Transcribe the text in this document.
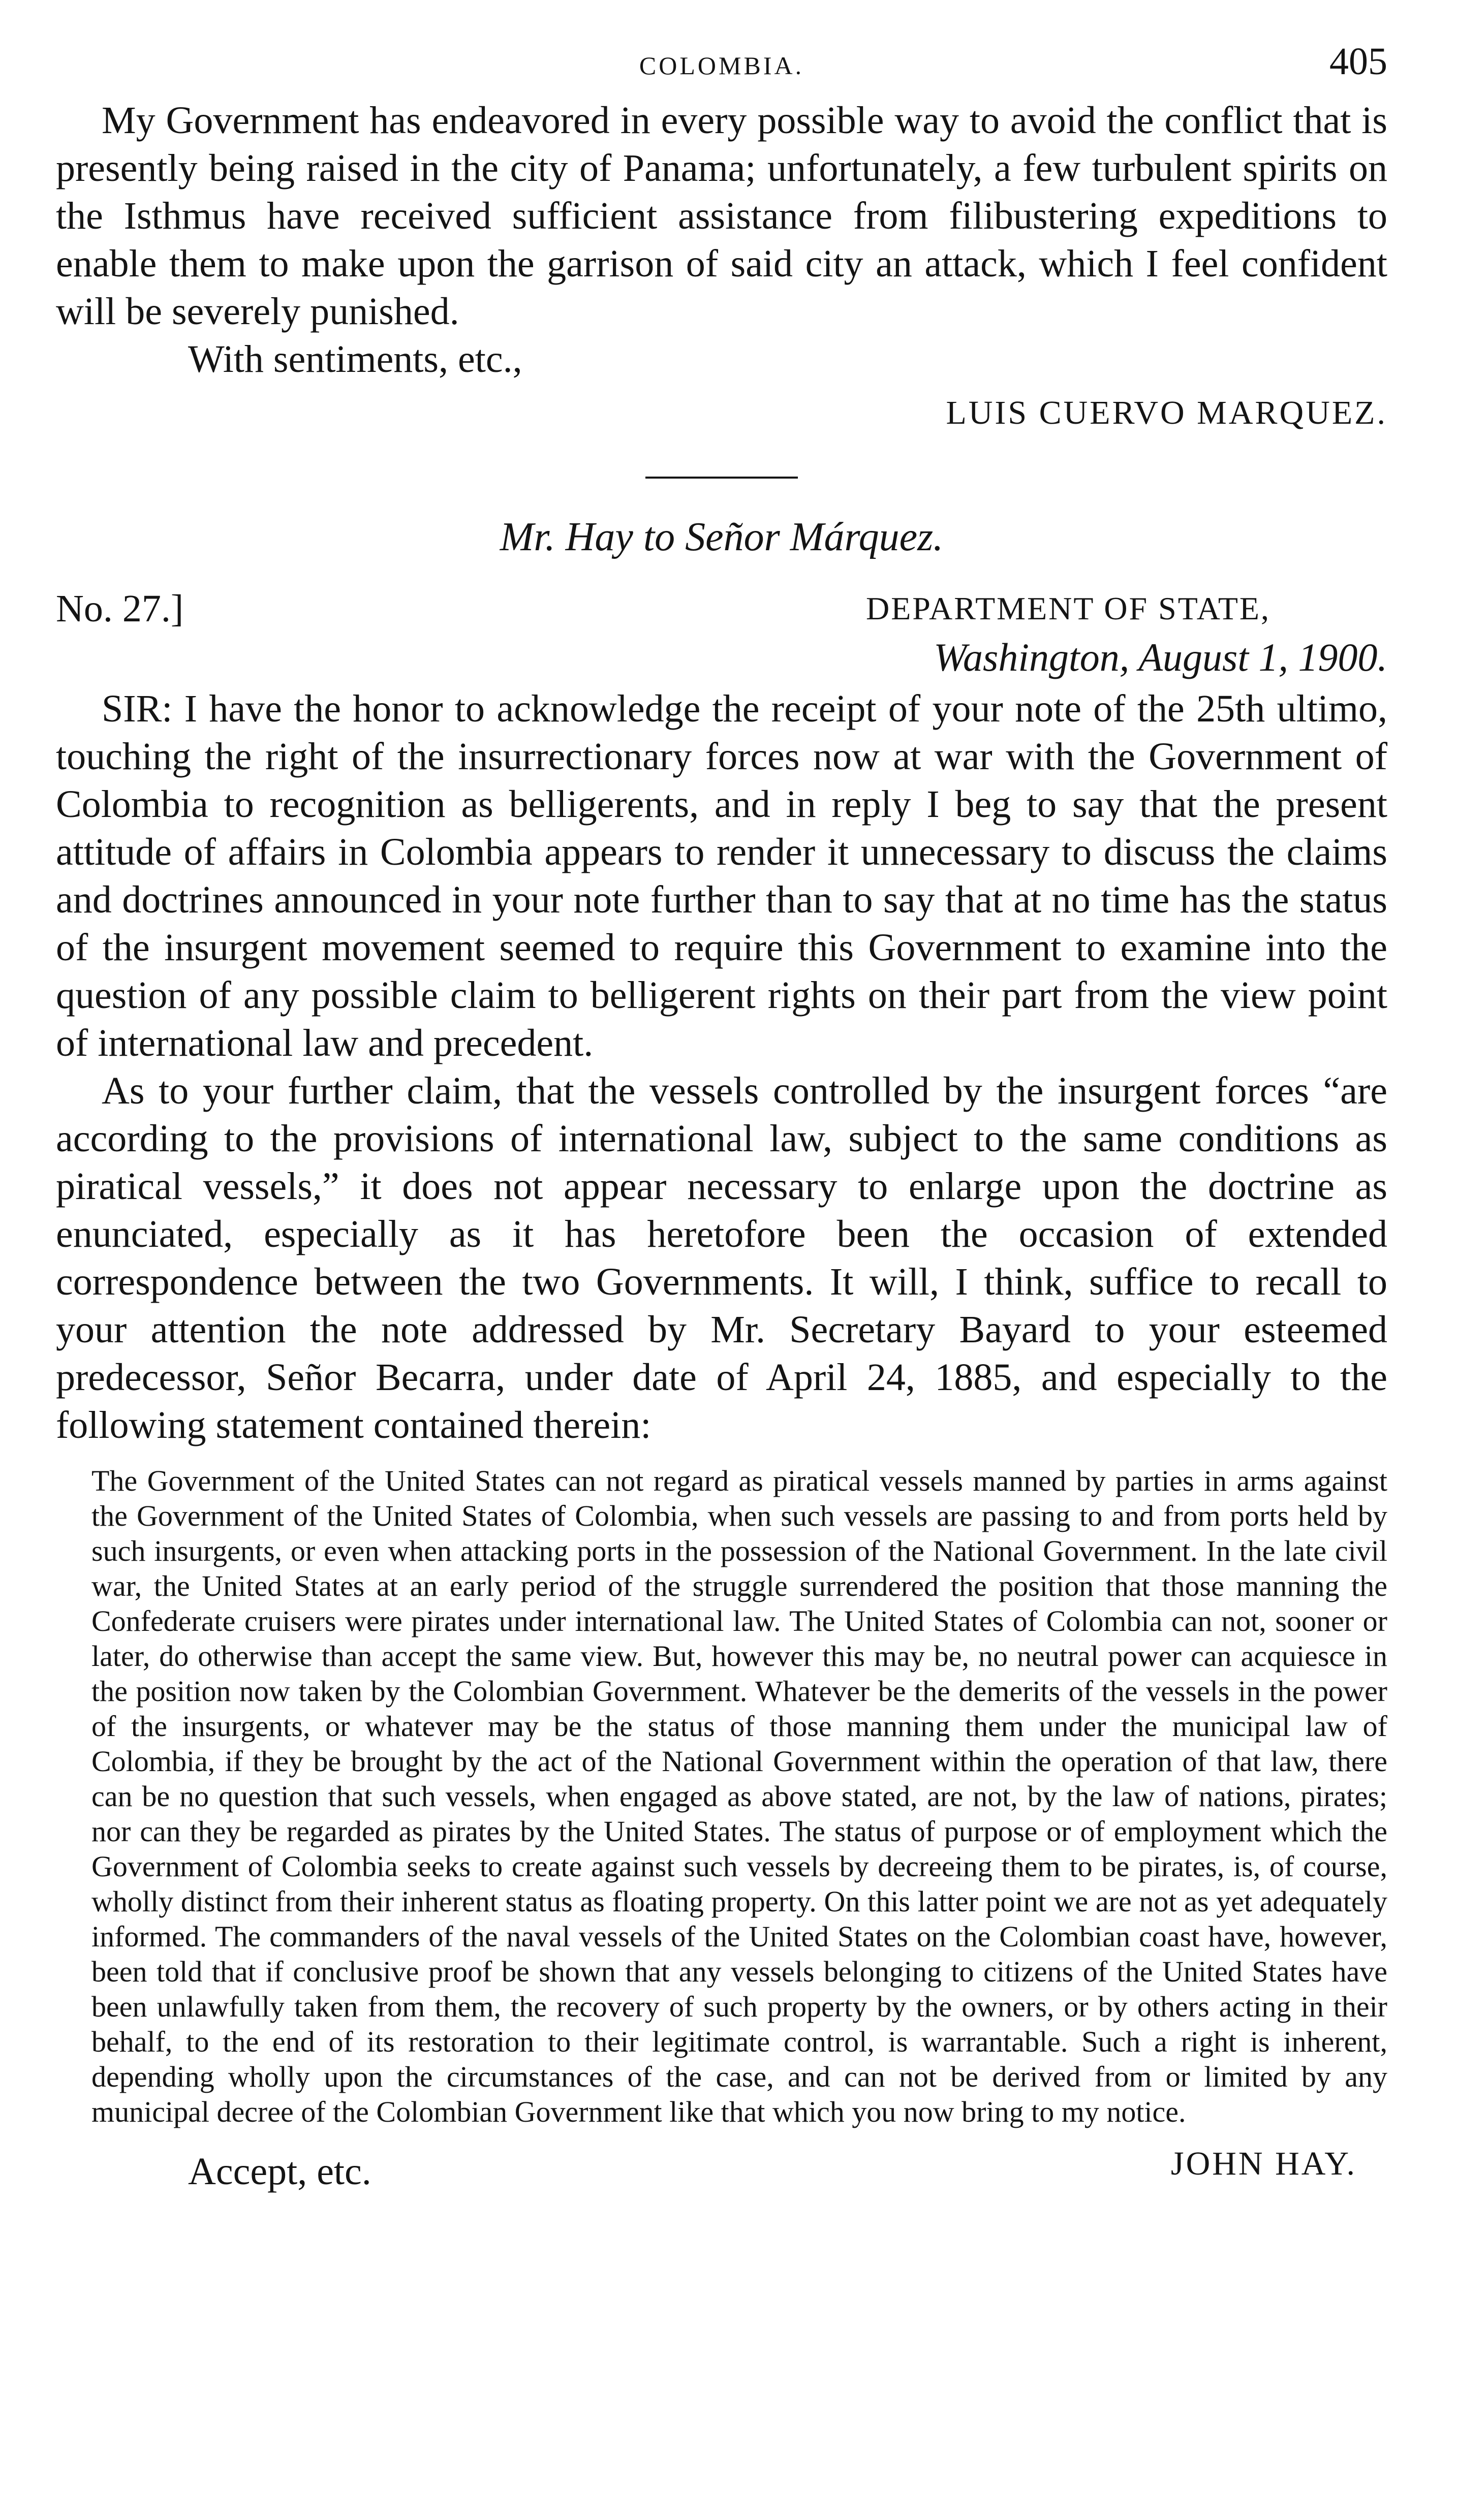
COLOMBIA.	405

My Government has endeavored in every possible way to avoid the conflict that is presently being raised in the city of Panama; unfortunately, a few turbulent spirits on the Isthmus have received sufficient assistance from filibustering expeditions to enable them to make upon the garrison of said city an attack, which I feel confident will be severely punished.

With sentiments, etc.,
LUIS CUERVO MARQUEZ.
Mr. Hay to Señor Márquez.
No. 27.]	DEPARTMENT OF STATE,
Washington, August 1, 1900.

SIR: I have the honor to acknowledge the receipt of your note of the 25th ultimo, touching the right of the insurrectionary forces now at war with the Government of Colombia to recognition as belligerents, and in reply I beg to say that the present attitude of affairs in Colombia appears to render it unnecessary to discuss the claims and doctrines announced in your note further than to say that at no time has the status of the insurgent movement seemed to require this Government to examine into the question of any possible claim to belligerent rights on their part from the view point of international law and precedent.

As to your further claim, that the vessels controlled by the insurgent forces “are according to the provisions of international law, subject to the same conditions as piratical vessels,” it does not appear necessary to enlarge upon the doctrine as enunciated, especially as it has heretofore been the occasion of extended correspondence between the two Governments. It will, I think, suffice to recall to your attention the note addressed by Mr. Secretary Bayard to your esteemed predecessor, Señor Becarra, under date of April 24, 1885, and especially to the following statement contained therein:

The Government of the United States can not regard as piratical vessels manned by parties in arms against the Government of the United States of Colombia, when such vessels are passing to and from ports held by such insurgents, or even when attacking ports in the possession of the National Government. In the late civil war, the United States at an early period of the struggle surrendered the position that those manning the Confederate cruisers were pirates under international law. The United States of Colombia can not, sooner or later, do otherwise than accept the same view. But, however this may be, no neutral power can acquiesce in the position now taken by the Colombian Government. Whatever be the demerits of the vessels in the power of the insurgents, or whatever may be the status of those manning them under the municipal law of Colombia, if they be brought by the act of the National Government within the operation of that law, there can be no question that such vessels, when engaged as above stated, are not, by the law of nations, pirates; nor can they be regarded as pirates by the United States. The status of purpose or of employment which the Government of Colombia seeks to create against such vessels by decreeing them to be pirates, is, of course, wholly distinct from their inherent status as floating property. On this latter point we are not as yet adequately informed. The commanders of the naval vessels of the United States on the Colombian coast have, however, been told that if conclusive proof be shown that any vessels belonging to citizens of the United States have been unlawfully taken from them, the recovery of such property by the owners, or by others acting in their behalf, to the end of its restoration to their legitimate control, is warrantable. Such a right is inherent, depending wholly upon the circumstances of the case, and can not be derived from or limited by any municipal decree of the Colombian Government like that which you now bring to my notice.

Accept, etc.	JOHN HAY.
